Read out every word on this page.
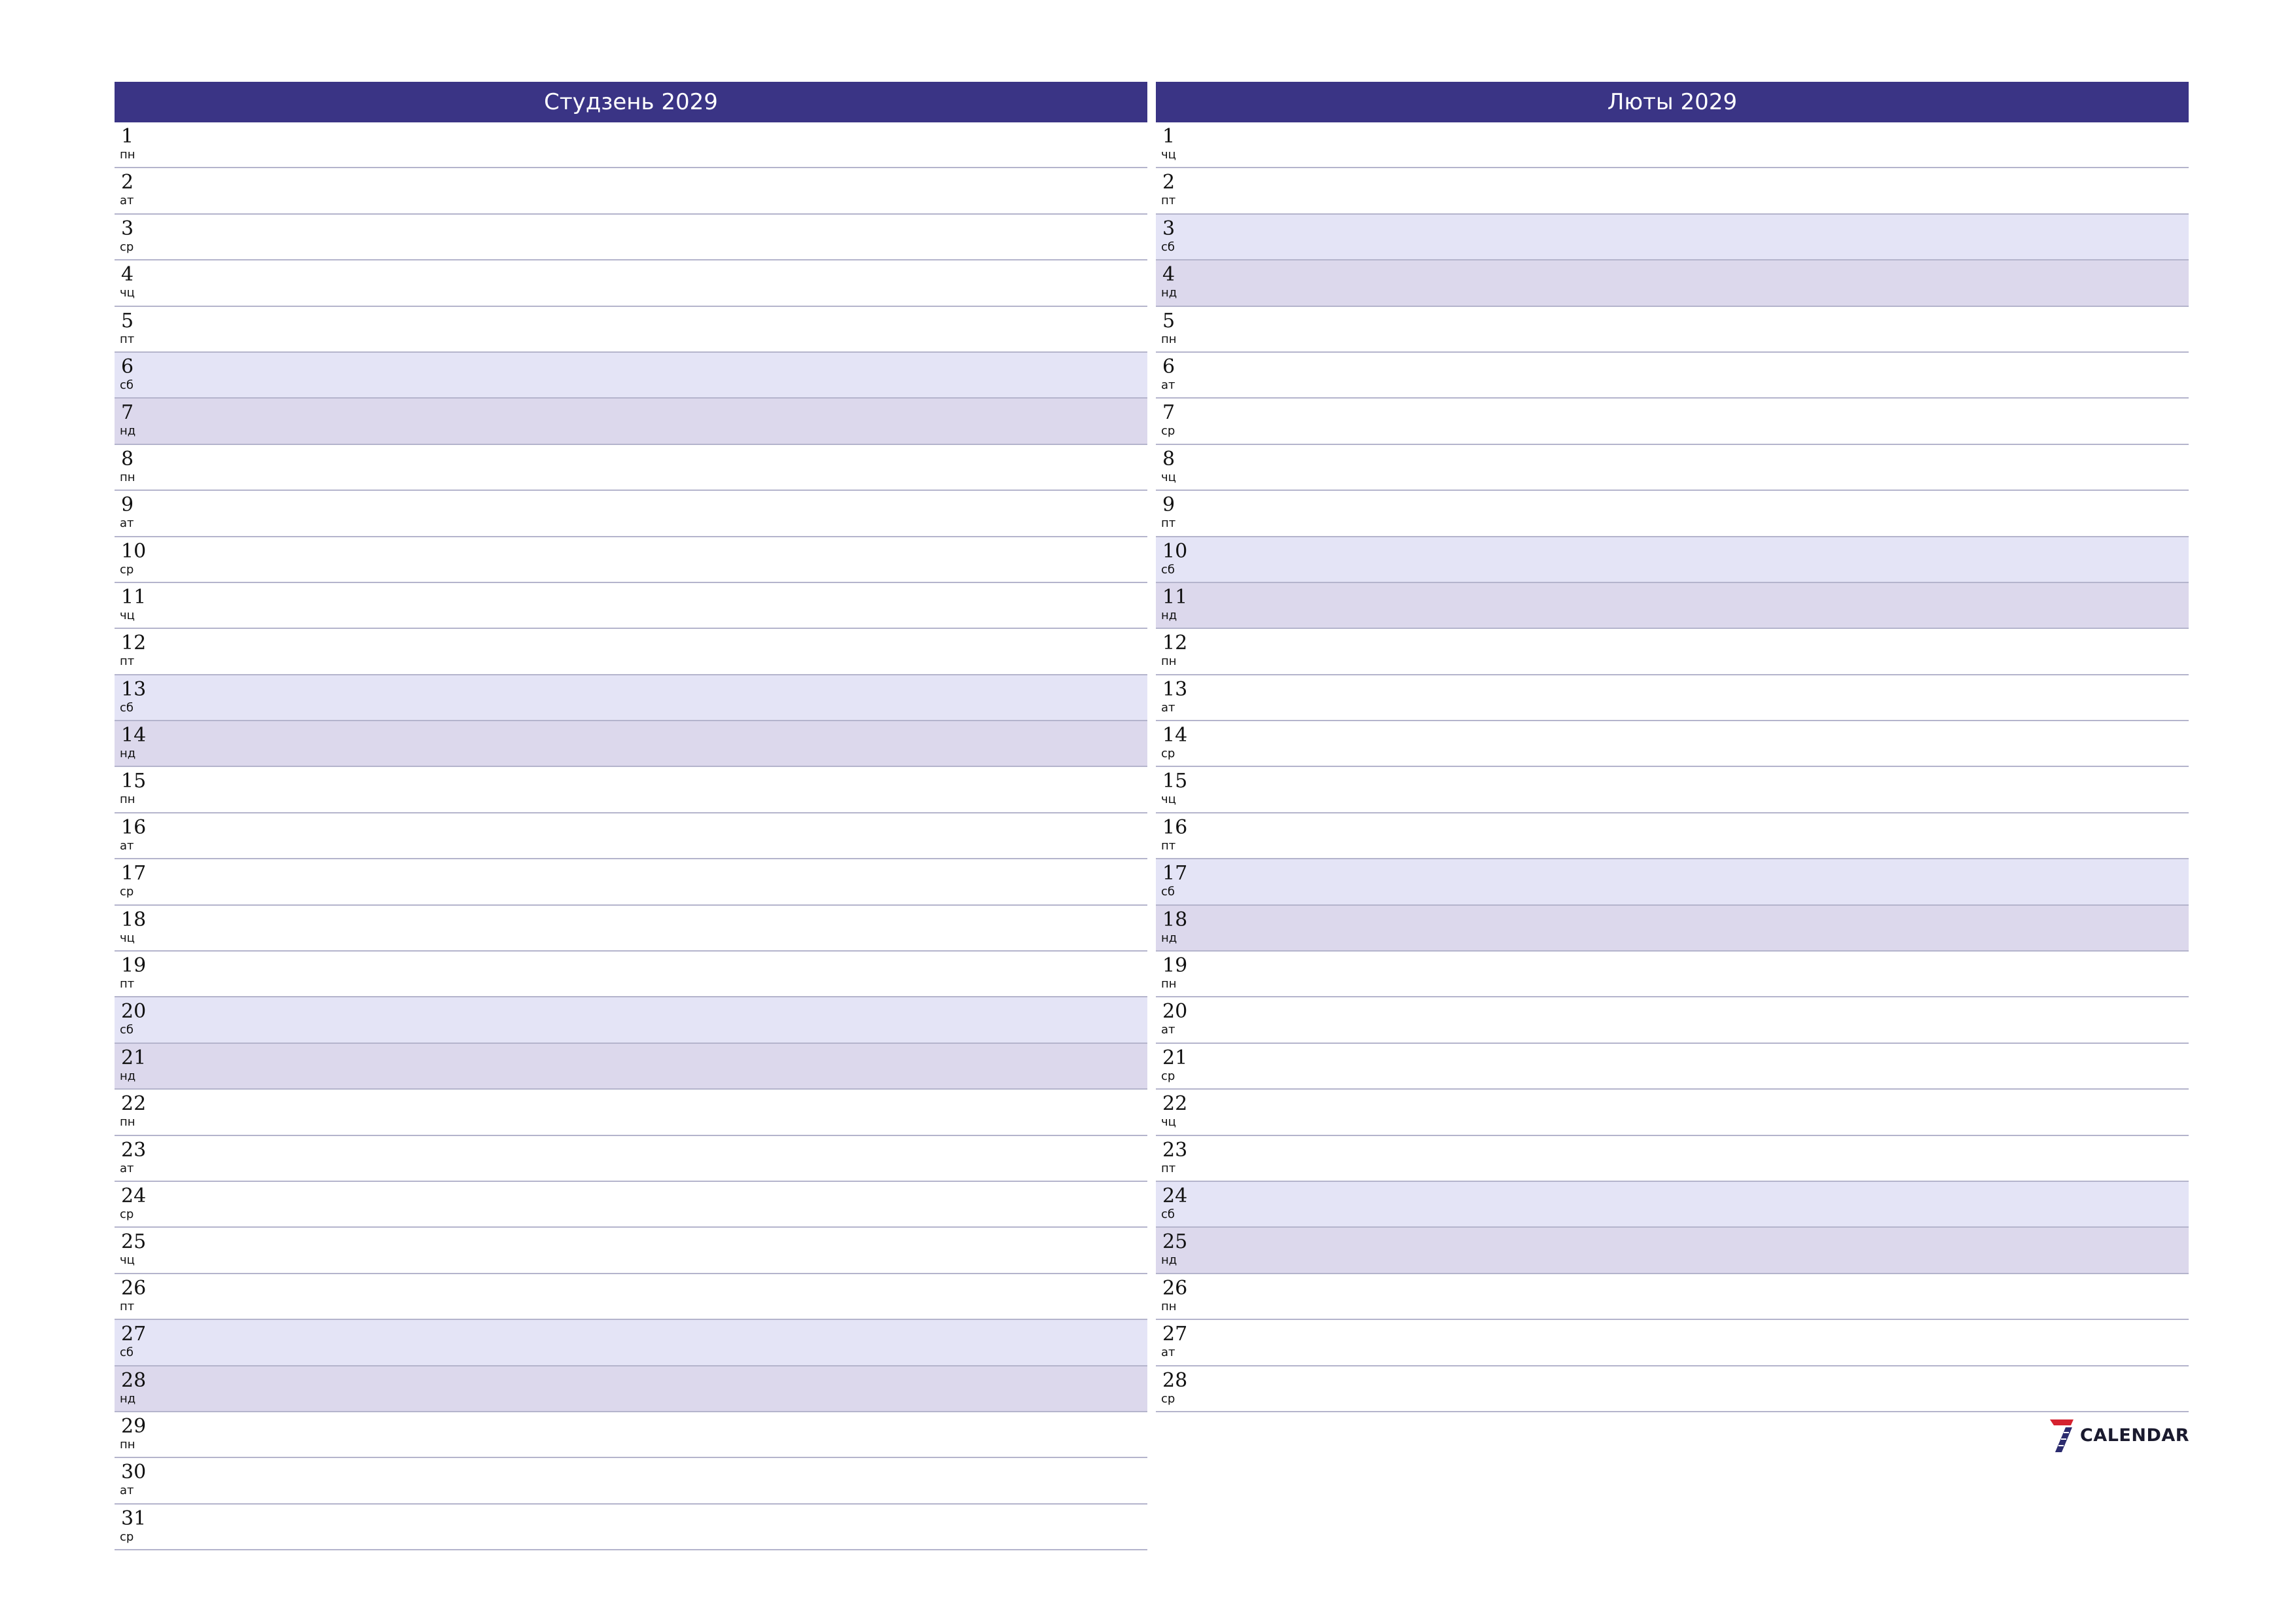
Студзень 2029
1
пн
2
ат
3
ср
4
чц
5
пт
6
сб
7
нд
8
пн
9
ат
10
ср
11
чц
12
пт
13
сб
14
нд
15
пн
16
ат
17
ср
18
чц
19
пт
20
сб
21
нд
22
пн
23
ат
24
ср
25
чц
26
пт
27
сб
28
нд
29
пн
30
ат
31
ср
Люты 2029
1
чц
2
пт
3
сб
4
нд
5
пн
6
ат
7
ср
8
чц
9
пт
10
сб
11
нд
12
пн
13
ат
14
ср
15
чц
16
пт
17
сб
18
нд
19
пн
20
ат
21
ср
22
чц
23
пт
24
сб
25
нд
26
пн
27
ат
28
ср
CALENDAR
